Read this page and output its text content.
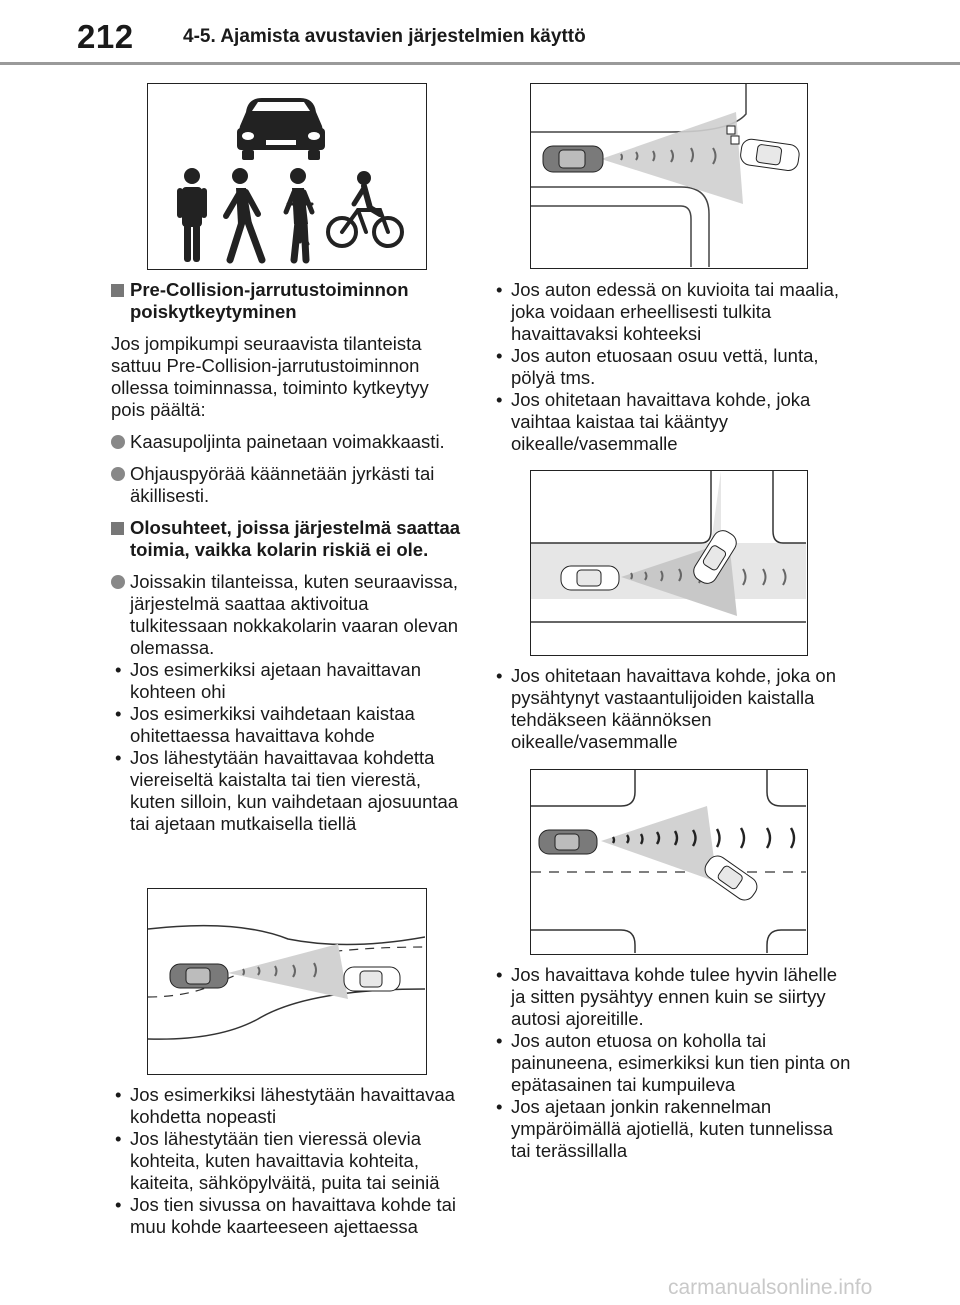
212	4-5. Ajamista avustavien järjestelmien käyttö

Pre-Collision-jarrutustoiminnon poiskytkeytyminen

Jos jompikumpi seuraavista tilanteista sattuu Pre-Collision-jarrutustoiminnon ollessa toiminnassa, toiminto kytkeytyy pois päältä:

Kaasupoljinta painetaan voimakkaasti.

Ohjauspyörää käännetään jyrkästi tai äkillisesti.

Olosuhteet, joissa järjestelmä saattaa toimia, vaikka kolarin riskiä ei ole.

Joissakin tilanteissa, kuten seuraavissa, järjestelmä saattaa aktivoitua tulkitessaan nokkakolarin vaaran olevan olemassa.

• Jos esimerkiksi ajetaan havaittavan kohteen ohi
• Jos esimerkiksi vaihdetaan kaistaa ohitettaessa havaittava kohde
• Jos lähestytään havaittavaa kohdetta viereiseltä kaistalta tai tien vierestä, kuten silloin, kun vaihdetaan ajosuuntaa tai ajetaan mutkaisella tiellä
• Jos esimerkiksi lähestytään havaittavaa kohdetta nopeasti
• Jos lähestytään tien vieressä olevia kohteita, kuten havaittavia kohteita, kaiteita, sähköpylväitä, puita tai seiniä
• Jos tien sivussa on havaittava kohde tai muu kohde kaarteeseen ajettaessa
• Jos auton edessä on kuvioita tai maalia, joka voidaan erheellisesti tulkita havaittavaksi kohteeksi
• Jos auton etuosaan osuu vettä, lunta, pölyä tms.
• Jos ohitetaan havaittava kohde, joka vaihtaa kaistaa tai kääntyy oikealle/vasemmalle
• Jos ohitetaan havaittava kohde, joka on pysähtynyt vastaantulijoiden kaistalla tehdäkseen käännöksen oikealle/vasemmalle
• Jos havaittava kohde tulee hyvin lähelle ja sitten pysähtyy ennen kuin se siirtyy autosi ajoreitille.
• Jos auton etuosa on koholla tai painuneena, esimerkiksi kun tien pinta on epätasainen tai kumpuileva
• Jos ajetaan jonkin rakennelman ympäröimällä ajotiellä, kuten tunnelissa tai terässillalla
carmanualsonline.info
